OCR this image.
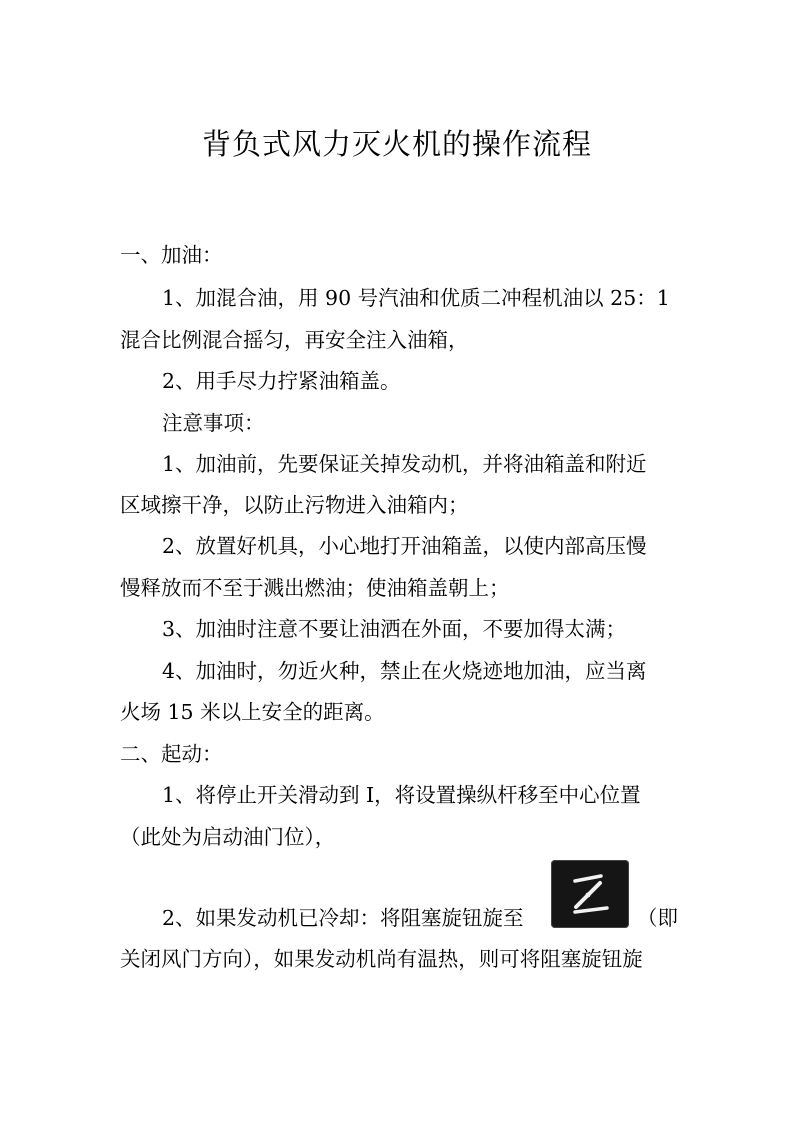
背负式风力灭火机的操作流程

一、加油：

1、加混合油，用 90 号汽油和优质二冲程机油以 25：1

混合比例混合摇匀，再安全注入油箱，

2、用手尽力拧紧油箱盖。

注意事项：

1、加油前，先要保证关掉发动机，并将油箱盖和附近

区域擦干净，以防止污物进入油箱内；

2、放置好机具，小心地打开油箱盖，以使内部高压慢

慢释放而不至于溅出燃油；使油箱盖朝上；

3、加油时注意不要让油洒在外面，不要加得太满；

4、加油时，勿近火种，禁止在火烧迹地加油，应当离

火场 15 米以上安全的距离。

二、起动：

1、将停止开关滑动到 I，将设置操纵杆移至中心位置

（此处为启动油门位），

2、如果发动机已冷却：将阻塞旋钮旋至	（即

关闭风门方向），如果发动机尚有温热，则可将阻塞旋钮旋
